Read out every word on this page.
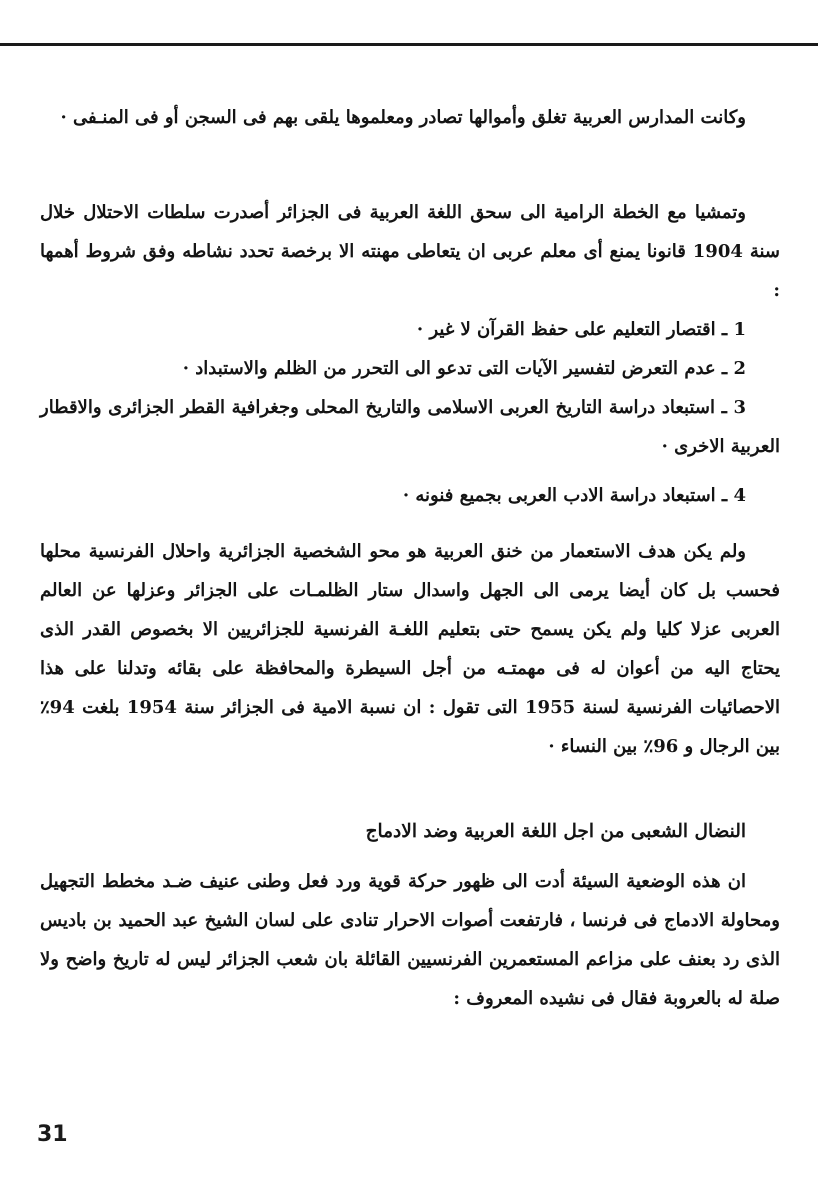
وكانت المدارس العربية تغلق وأموالها تصادر ومعلموها يلقى بهم فى السجن أو فى المنـفى ·

وتمشيا مع الخطة الرامية الى سحق اللغة العربية فى الجزائر أصدرت سلطات الاحتلال خلال سنة 1904 قانونا يمنع أى معلم عربى ان يتعاطى مهنته الا برخصة تحدد نشاطه وفق شروط أهمها :

1 ـ اقتصار التعليم على حفظ القرآن لا غير ·

2 ـ عدم التعرض لتفسير الآيات التى تدعو الى التحرر من الظلم والاستبداد ·

3 ـ استبعاد دراسة التاريخ العربى الاسلامى والتاريخ المحلى وجغرافية القطر الجزائرى والاقطار العربية الاخرى ·

4 ـ استبعاد دراسة الادب العربى بجميع فنونه ·

ولم يكن هدف الاستعمار من خنق العربية هو محو الشخصية الجزائرية واحلال الفرنسية محلها فحسب بل كان أيضا يرمى الى الجهل واسدال ستار الظلمـات على الجزائر وعزلها عن العالم العربى عزلا كليا ولم يكن يسمح حتى بتعليم اللغـة الفرنسية للجزائريين الا بخصوص القدر الذى يحتاج اليه من أعوان له فى مهمتـه من أجل السيطرة والمحافظة على بقائه وتدلنا على هذا الاحصائيات الفرنسية لسنة 1955 التى تقول : ان نسبة الامية فى الجزائر سنة 1954 بلغت 94٪ بين الرجال و 96٪ بين النساء ·

النضال الشعبى من اجل اللغة العربية وضد الادماج

ان هذه الوضعية السيئة أدت الى ظهور حركة قوية ورد فعل وطنى عنيف ضـد مخطط التجهيل ومحاولة الادماج فى فرنسا ، فارتفعت أصوات الاحرار تنادى على لسان الشيخ عبد الحميد بن باديس الذى رد بعنف على مزاعم المستعمرين الفرنسيين القائلة بان شعب الجزائر ليس له تاريخ واضح ولا صلة له بالعروبة فقال فى نشيده المعروف :

31
